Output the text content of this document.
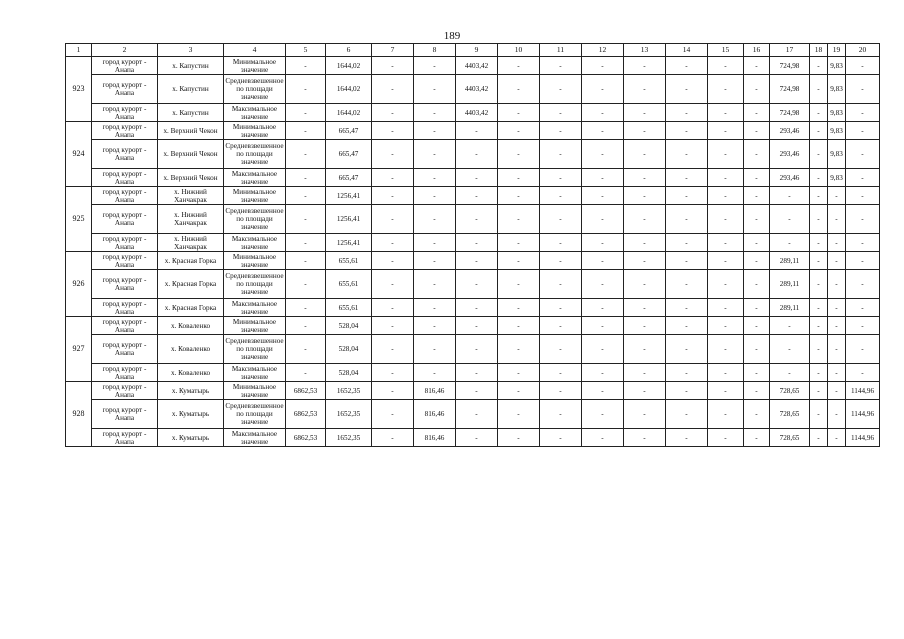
189
1	2	3	4	5	6	7	8	9	10	11	12	13	14	15	16	17	18	19	20
923	город курорт - Анапа	х. Капустин	Минимальное значение	-	1644,02	-	-	4403,42	-	-	-	-	-	-	-	724,98	-	9,83	-
	город курорт - Анапа	х. Капустин	Средневзвешенное по площади значение	-	1644,02	-	-	4403,42	-	-	-	-	-	-	-	724,98	-	9,83	-
	город курорт - Анапа	х. Капустин	Максимальное значение	-	1644,02	-	-	4403,42	-	-	-	-	-	-	-	724,98	-	9,83	-
924	город курорт - Анапа	х. Верхний Чекон	Минимальное значение	-	665,47	-	-	-	-	-	-	-	-	-	-	293,46	-	9,83	-
	город курорт - Анапа	х. Верхний Чекон	Средневзвешенное по площади значение	-	665,47	-	-	-	-	-	-	-	-	-	-	293,46	-	9,83	-
	город курорт - Анапа	х. Верхний Чекон	Максимальное значение	-	665,47	-	-	-	-	-	-	-	-	-	-	293,46	-	9,83	-
925	город курорт - Анапа	х. Нижний Ханчакрак	Минимальное значение	-	1256,41	-	-	-	-	-	-	-	-	-	-	-	-	-	-
	город курорт - Анапа	х. Нижний Ханчакрак	Средневзвешенное по площади значение	-	1256,41	-	-	-	-	-	-	-	-	-	-	-	-	-	-
	город курорт - Анапа	х. Нижний Ханчакрак	Максимальное значение	-	1256,41	-	-	-	-	-	-	-	-	-	-	-	-	-	-
926	город курорт - Анапа	х. Красная Горка	Минимальное значение	-	655,61	-	-	-	-	-	-	-	-	-	-	289,11	-	-	-
	город курорт - Анапа	х. Красная Горка	Средневзвешенное по площади значение	-	655,61	-	-	-	-	-	-	-	-	-	-	289,11	-	-	-
	город курорт - Анапа	х. Красная Горка	Максимальное значение	-	655,61	-	-	-	-	-	-	-	-	-	-	289,11	-	-	-
927	город курорт - Анапа	х. Коваленко	Минимальное значение	-	528,04	-	-	-	-	-	-	-	-	-	-	-	-	-	-
	город курорт - Анапа	х. Коваленко	Средневзвешенное по площади значение	-	528,04	-	-	-	-	-	-	-	-	-	-	-	-	-	-
	город курорт - Анапа	х. Коваленко	Максимальное значение	-	528,04	-	-	-	-	-	-	-	-	-	-	-	-	-	-
928	город курорт - Анапа	х. Куматырь	Минимальное значение	6862,53	1652,35	-	816,46	-	-	-	-	-	-	-	-	728,65	-	-	1144,96
	город курорт - Анапа	х. Куматырь	Средневзвешенное по площади значение	6862,53	1652,35	-	816,46	-	-	-	-	-	-	-	-	728,65	-	-	1144,96
	город курорт - Анапа	х. Куматырь	Максимальное значение	6862,53	1652,35	-	816,46	-	-	-	-	-	-	-	-	728,65	-	-	1144,96
